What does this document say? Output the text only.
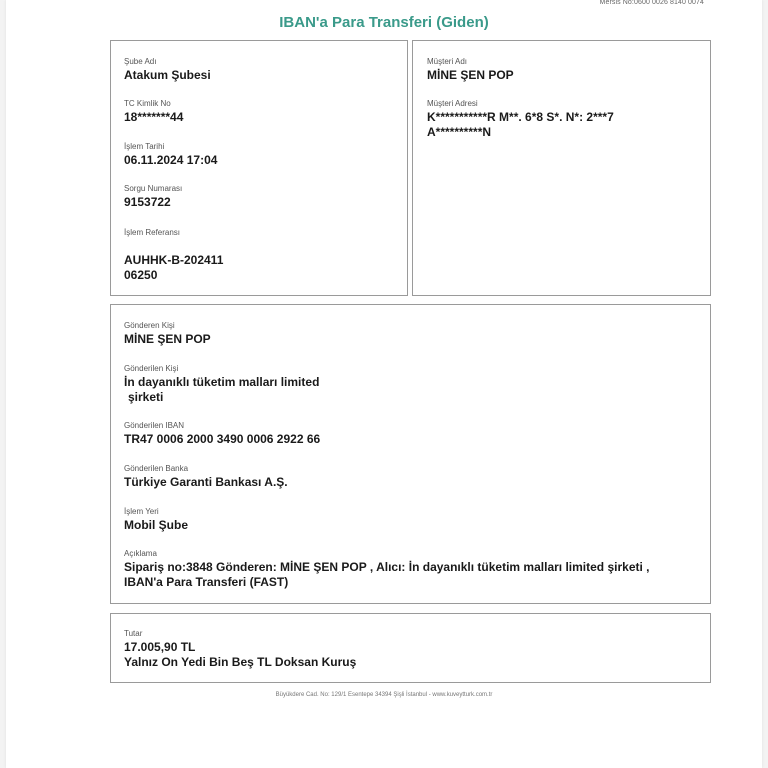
Mersis No:0600 0026 8140 0074
IBAN'a Para Transferi (Giden)
Şube Adı
Atakum Şubesi
TC Kimlik No
18*******44
İşlem Tarihi
06.11.2024 17:04
Sorgu Numarası
9153722
İşlem Referansı
AUHHK-B-202411
06250
Müşteri Adı
MİNE ŞEN POP
Müşteri Adresi
K***********R M**. 6*8 S*. N*: 2***7
A**********N
Gönderen Kişi
MİNE ŞEN POP
Gönderilen Kişi
İn dayanıklı tüketim malları limited
şirketi
Gönderilen IBAN
TR47 0006 2000 3490 0006 2922 66
Gönderilen Banka
Türkiye Garanti Bankası A.Ş.
İşlem Yeri
Mobil Şube
Açıklama
Sipariş no:3848 Gönderen: MİNE ŞEN POP , Alıcı: İn dayanıklı tüketim malları limited şirketi ,
IBAN'a Para Transferi (FAST)
Tutar
17.005,90 TL
Yalnız On Yedi Bin Beş TL Doksan Kuruş
Büyükdere Cad. No: 129/1 Esentepe 34394 Şişli İstanbul - www.kuveytturk.com.tr
